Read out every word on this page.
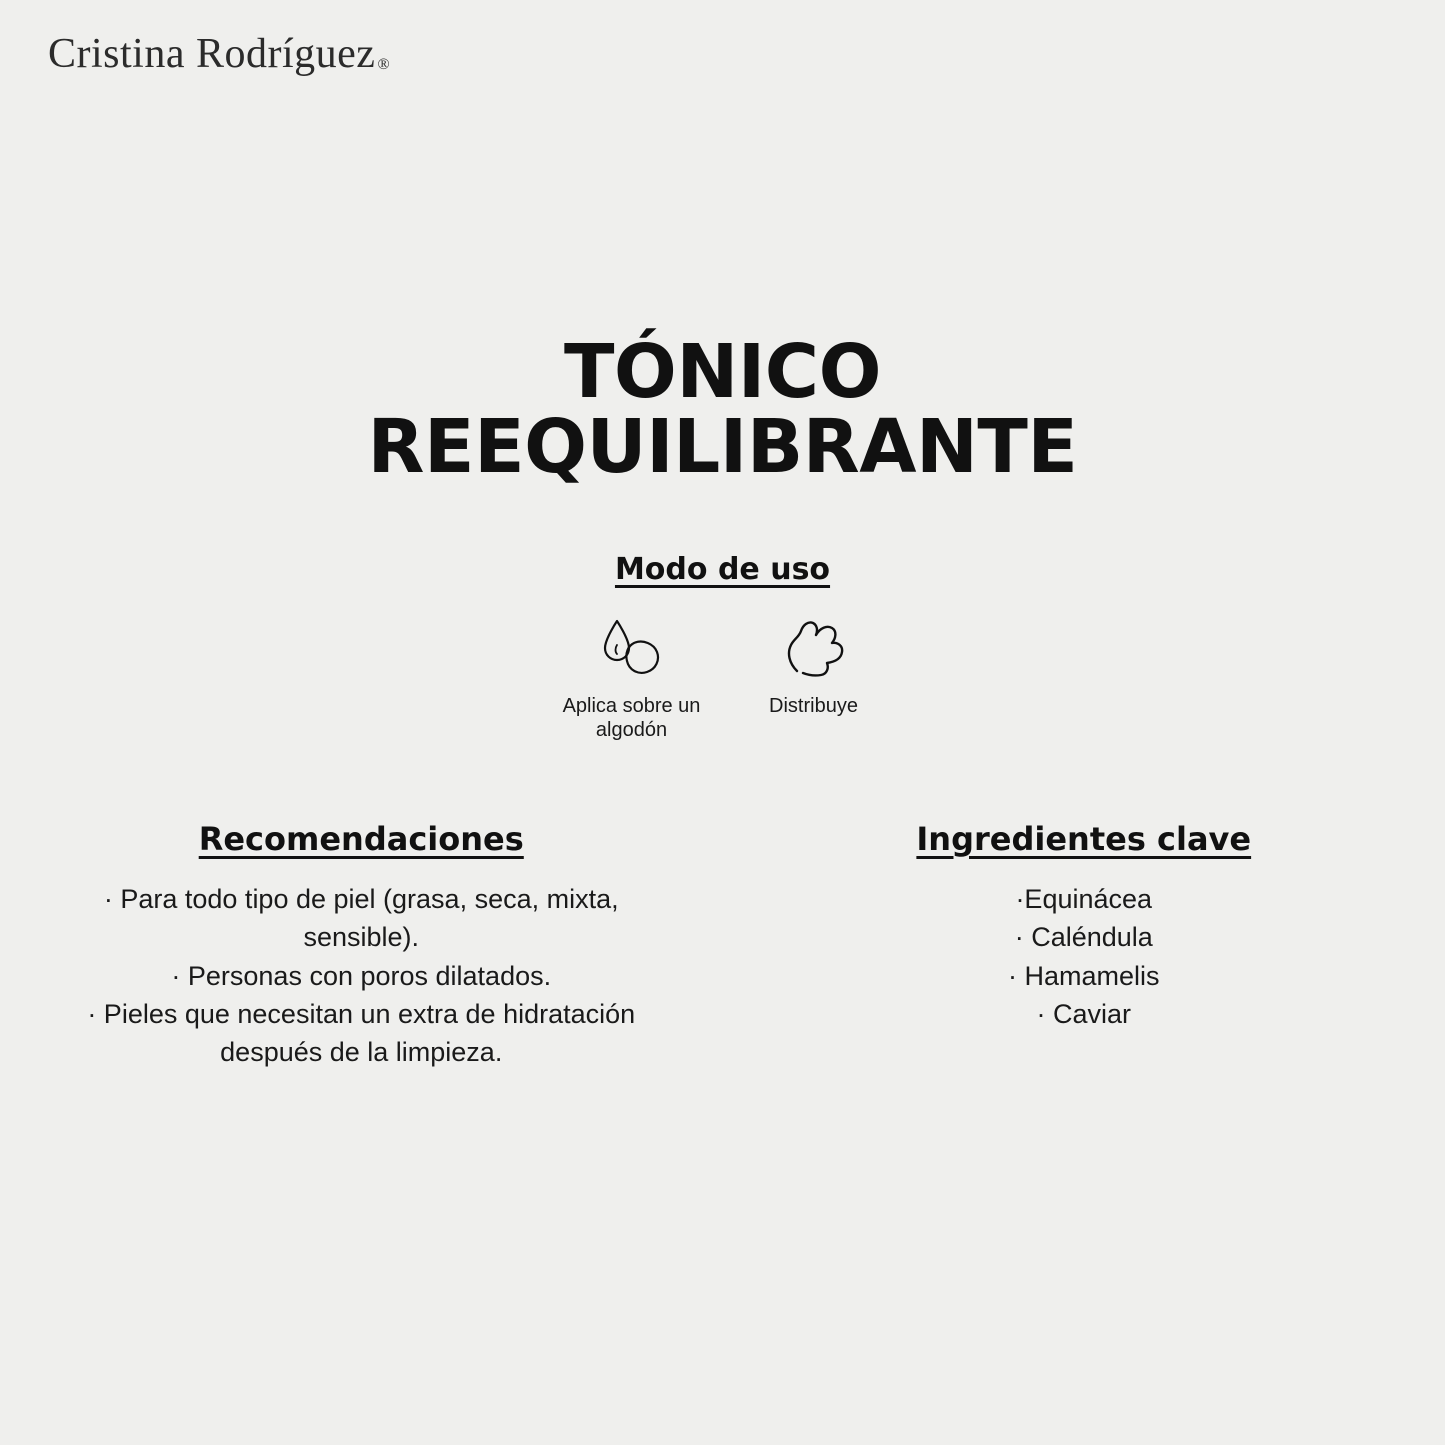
Cristina Rodríguez ®
TÓNICO
REEQUILIBRANTE
Modo de uso
Aplica sobre un algodón
Distribuye
Recomendaciones
· Para todo tipo de piel (grasa, seca, mixta, sensible).
· Personas con poros dilatados.
· Pieles que necesitan un extra de hidratación después de la limpieza.
Ingredientes clave
·Equinácea
· Caléndula
· Hamamelis
· Caviar
